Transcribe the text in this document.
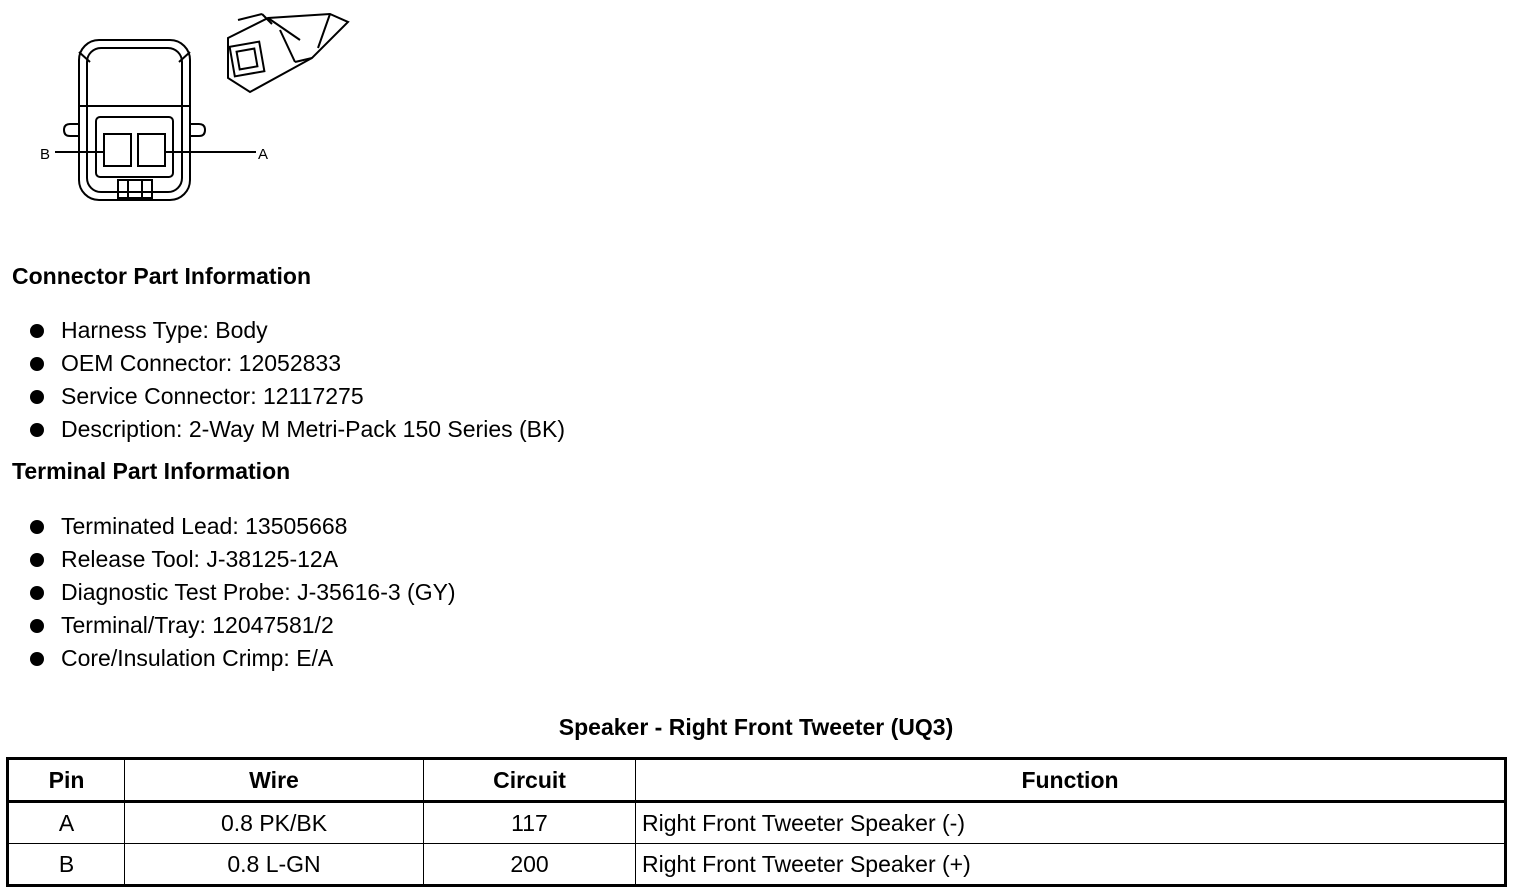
B	A
Connector Part Information
Harness Type: Body
OEM Connector: 12052833
Service Connector: 12117275
Description: 2-Way M Metri-Pack 150 Series (BK)
Terminal Part Information
Terminated Lead: 13505668
Release Tool: J-38125-12A
Diagnostic Test Probe: J-35616-3 (GY)
Terminal/Tray: 12047581/2
Core/Insulation Crimp: E/A
Speaker - Right Front Tweeter (UQ3)
Pin	Wire	Circuit	Function
A	0.8 PK/BK	117	Right Front Tweeter Speaker (-)
B	0.8 L-GN	200	Right Front Tweeter Speaker (+)
